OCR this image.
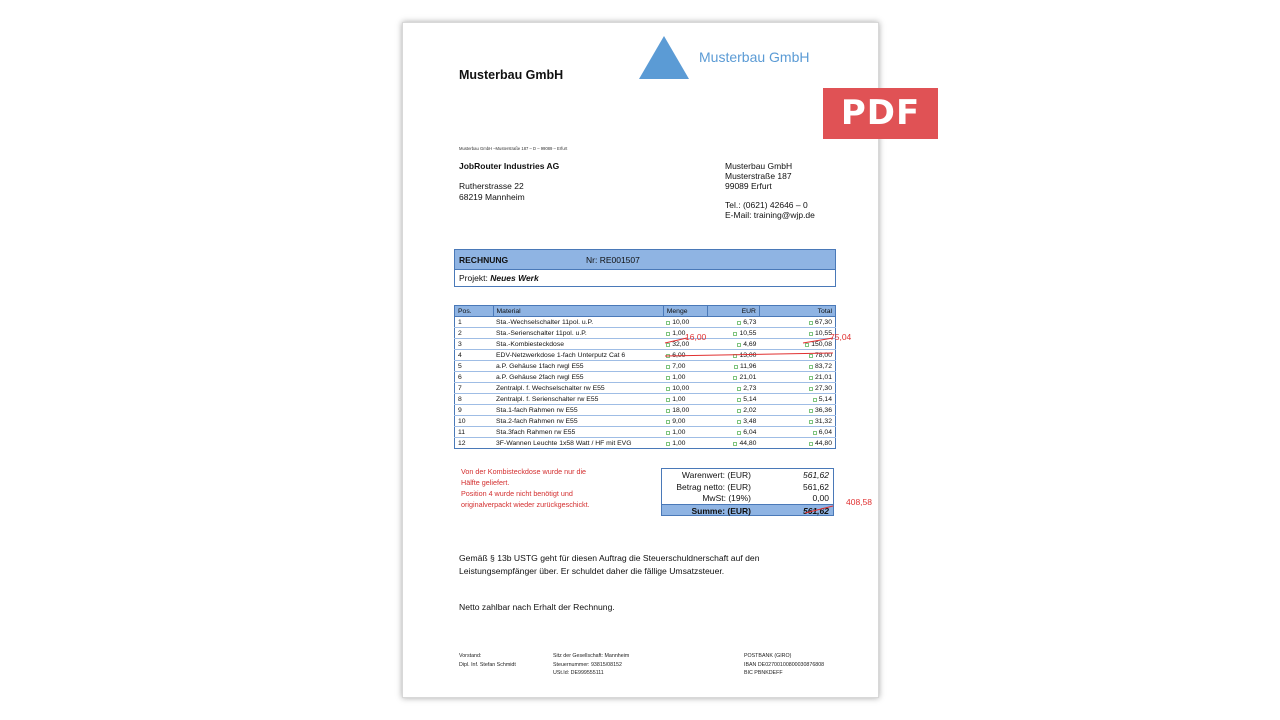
Musterbau GmbH
Musterbau GmbH
Musterbau GmbH –Musterstraße 187 – D – 99089 – Erfurt
JobRouter Industries AG
Rutherstrasse 22
68219 Mannheim
Musterbau GmbH
Musterstraße 187
99089 Erfurt
Tel.: (0621) 42646 – 0
E-Mail: training@wjp.de
RECHNUNG	Nr: RE001507
Projekt: Neues Werk
Pos.	Material	Menge	EUR	Total
1	Sta.-Wechselschalter 11pol. u.P.	10,00	6,73	67,30
2	Sta.-Serienschalter 11pol. u.P.	1,00	10,55	10,55
3	Sta.-Kombiesteckdose	32,00	4,69	150,08
4	EDV-Netzwerkdose 1-fach Unterputz Cat 6	6,00	13,00	78,00
5	a.P. Gehäuse 1fach rwgl E55	7,00	11,96	83,72
6	a.P. Gehäuse 2fach rwgl E55	1,00	21,01	21,01
7	Zentralpl. f. Wechselschalter rw E55	10,00	2,73	27,30
8	Zentralpl. f. Serienschalter rw E55	1,00	5,14	5,14
9	Sta.1-fach Rahmen rw E55	18,00	2,02	36,36
10	Sta.2-fach Rahmen rw E55	9,00	3,48	31,32
11	Sta.3fach Rahmen rw E55	1,00	6,04	6,04
12	3F-Wannen Leuchte 1x58 Watt / HF mit EVG	1,00	44,80	44,80
16,00	75,04
Von der Kombisteckdose wurde nur die
Hälfte geliefert.
Position 4 wurde nicht benötigt und
originalverpackt wieder zurückgeschickt.
Warenwert: (EUR)	561,62
Betrag netto: (EUR)	561,62
MwSt: (19%)	0,00
Summe: (EUR)	561,62
408,58
Gemäß § 13b USTG geht für diesen Auftrag die Steuerschuldnerschaft auf den
Leistungsempfänger über. Er schuldet daher die fällige Umsatzsteuer.
Netto zahlbar nach Erhalt der Rechnung.
Vorstand:
Dipl. Inf. Stefan Schmidt
Sitz der Gesellschaft: Mannheim
Steuernummer: 93815/08152
USt.Id: DE999555111
POSTBANK (GIRO)
IBAN DE02700100800030876808
BIC PBNKDEFF
PDF
